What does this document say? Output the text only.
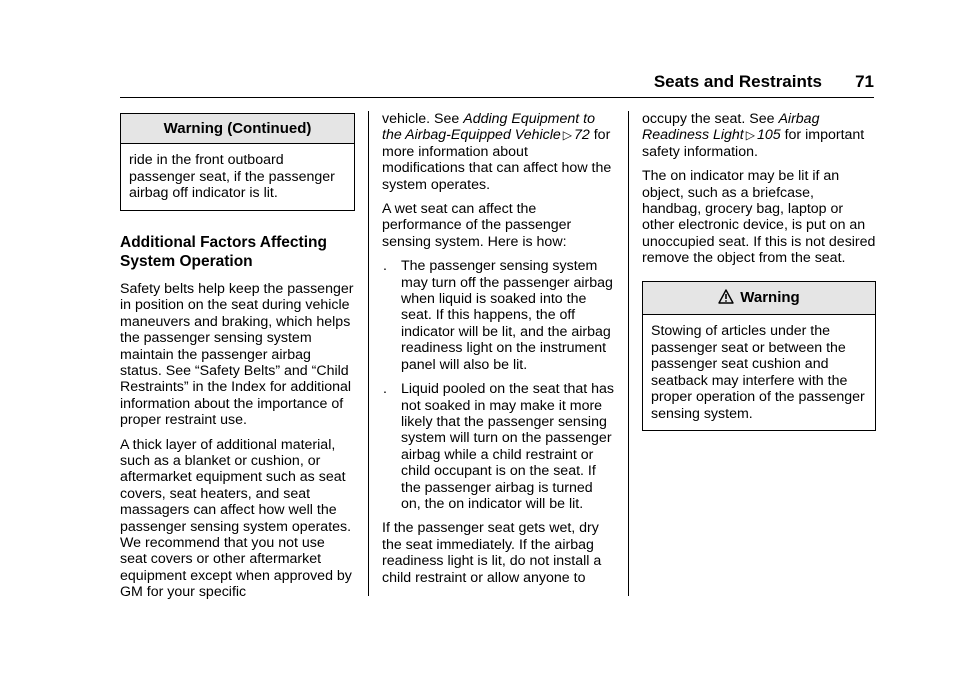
Seats and Restraints 71
Warning (Continued)
ride in the front outboard passenger seat, if the passenger airbag off indicator is lit.
Additional Factors Affecting System Operation

Safety belts help keep the passenger in position on the seat during vehicle maneuvers and braking, which helps the passenger sensing system maintain the passenger airbag status. See “Safety Belts” and “Child Restraints” in the Index for additional information about the importance of proper restraint use.

A thick layer of additional material, such as a blanket or cushion, or aftermarket equipment such as seat covers, seat heaters, and seat massagers can affect how well the passenger sensing system operates. We recommend that you not use seat covers or other aftermarket equipment except when approved by GM for your specific

vehicle. See Adding Equipment to the Airbag-Equipped Vehicle ▷ 72 for more information about modifications that can affect how the system operates.

A wet seat can affect the performance of the passenger sensing system. Here is how:

. The passenger sensing system may turn off the passenger airbag when liquid is soaked into the seat. If this happens, the off indicator will be lit, and the airbag readiness light on the instrument panel will also be lit.
. Liquid pooled on the seat that has not soaked in may make it more likely that the passenger sensing system will turn on the passenger airbag while a child restraint or child occupant is on the seat. If the passenger airbag is turned on, the on indicator will be lit.

If the passenger seat gets wet, dry the seat immediately. If the airbag readiness light is lit, do not install a child restraint or allow anyone to

occupy the seat. See Airbag Readiness Light ▷ 105 for important safety information.

The on indicator may be lit if an object, such as a briefcase, handbag, grocery bag, laptop or other electronic device, is put on an unoccupied seat. If this is not desired remove the object from the seat.

Warning
Stowing of articles under the passenger seat or between the passenger seat cushion and seatback may interfere with the proper operation of the passenger sensing system.
